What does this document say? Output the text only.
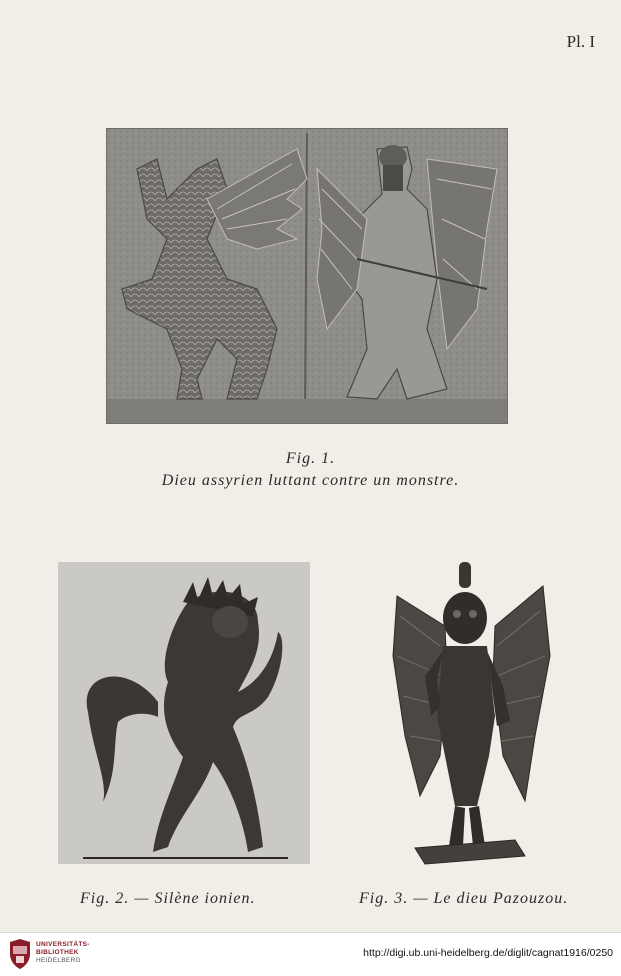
Pl. I
Fig. 1.
Dieu assyrien luttant contre un monstre.
Fig. 2. — Silène ionien.	Fig. 3. — Le dieu Pazouzou.
UNIVERSITÄTS-
BIBLIOTHEK
HEIDELBERG
http://digi.ub.uni-heidelberg.de/diglit/cagnat1916/0250
